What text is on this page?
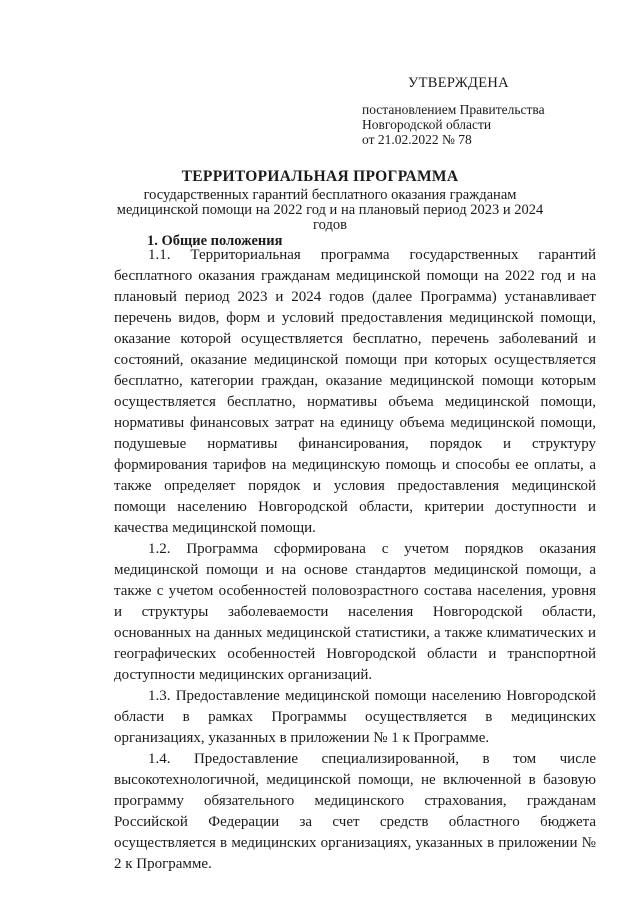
УТВЕРЖДЕНА
постановлением Правительства
Новгородской области
от 21.02.2022 № 78
ТЕРРИТОРИАЛЬНАЯ ПРОГРАММА
государственных гарантий бесплатного оказания гражданам медицинской помощи на 2022 год и на плановый период 2023 и 2024 годов
1. Общие положения

1.1. Территориальная программа государственных гарантий бесплатного оказания гражданам медицинской помощи на 2022 год и на плановый период 2023 и 2024 годов (далее Программа) устанавливает перечень видов, форм и условий предоставления медицинской помощи, оказание которой осуществляется бесплатно, перечень заболеваний и состояний, оказание медицинской помощи при которых осуществляется бесплатно, категории граждан, оказание медицинской помощи которым осуществляется бесплатно, нормативы объема медицинской помощи, нормативы финансовых затрат на единицу объема медицинской помощи, подушевые нормативы финансирования, порядок и структуру формирования тарифов на медицинскую помощь и способы ее оплаты, а также определяет порядок и условия предоставления медицинской помощи населению Новгородской области, критерии доступности и качества медицинской помощи.

1.2. Программа сформирована с учетом порядков оказания медицинской помощи и на основе стандартов медицинской помощи, а также с учетом особенностей половозрастного состава населения, уровня и структуры заболеваемости населения Новгородской области, основанных на данных медицинской статистики, а также климатических и географических особенностей Новгородской области и транспортной доступности медицинских организаций.

1.3. Предоставление медицинской помощи населению Новгородской области в рамках Программы осуществляется в медицинских организациях, указанных в приложении № 1 к Программе.

1.4. Предоставление специализированной, в том числе высокотехнологичной, медицинской помощи, не включенной в базовую программу обязательного медицинского страхования, гражданам Российской Федерации за счет средств областного бюджета осуществляется в медицинских организациях, указанных в приложении № 2 к Программе.
